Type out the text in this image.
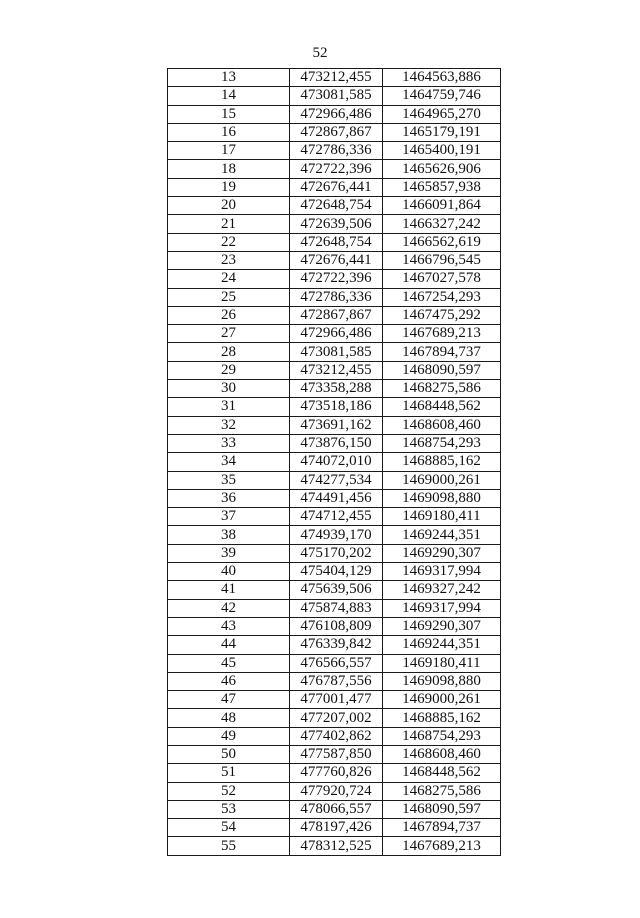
52
13	473212,455	1464563,886
14	473081,585	1464759,746
15	472966,486	1464965,270
16	472867,867	1465179,191
17	472786,336	1465400,191
18	472722,396	1465626,906
19	472676,441	1465857,938
20	472648,754	1466091,864
21	472639,506	1466327,242
22	472648,754	1466562,619
23	472676,441	1466796,545
24	472722,396	1467027,578
25	472786,336	1467254,293
26	472867,867	1467475,292
27	472966,486	1467689,213
28	473081,585	1467894,737
29	473212,455	1468090,597
30	473358,288	1468275,586
31	473518,186	1468448,562
32	473691,162	1468608,460
33	473876,150	1468754,293
34	474072,010	1468885,162
35	474277,534	1469000,261
36	474491,456	1469098,880
37	474712,455	1469180,411
38	474939,170	1469244,351
39	475170,202	1469290,307
40	475404,129	1469317,994
41	475639,506	1469327,242
42	475874,883	1469317,994
43	476108,809	1469290,307
44	476339,842	1469244,351
45	476566,557	1469180,411
46	476787,556	1469098,880
47	477001,477	1469000,261
48	477207,002	1468885,162
49	477402,862	1468754,293
50	477587,850	1468608,460
51	477760,826	1468448,562
52	477920,724	1468275,586
53	478066,557	1468090,597
54	478197,426	1467894,737
55	478312,525	1467689,213
